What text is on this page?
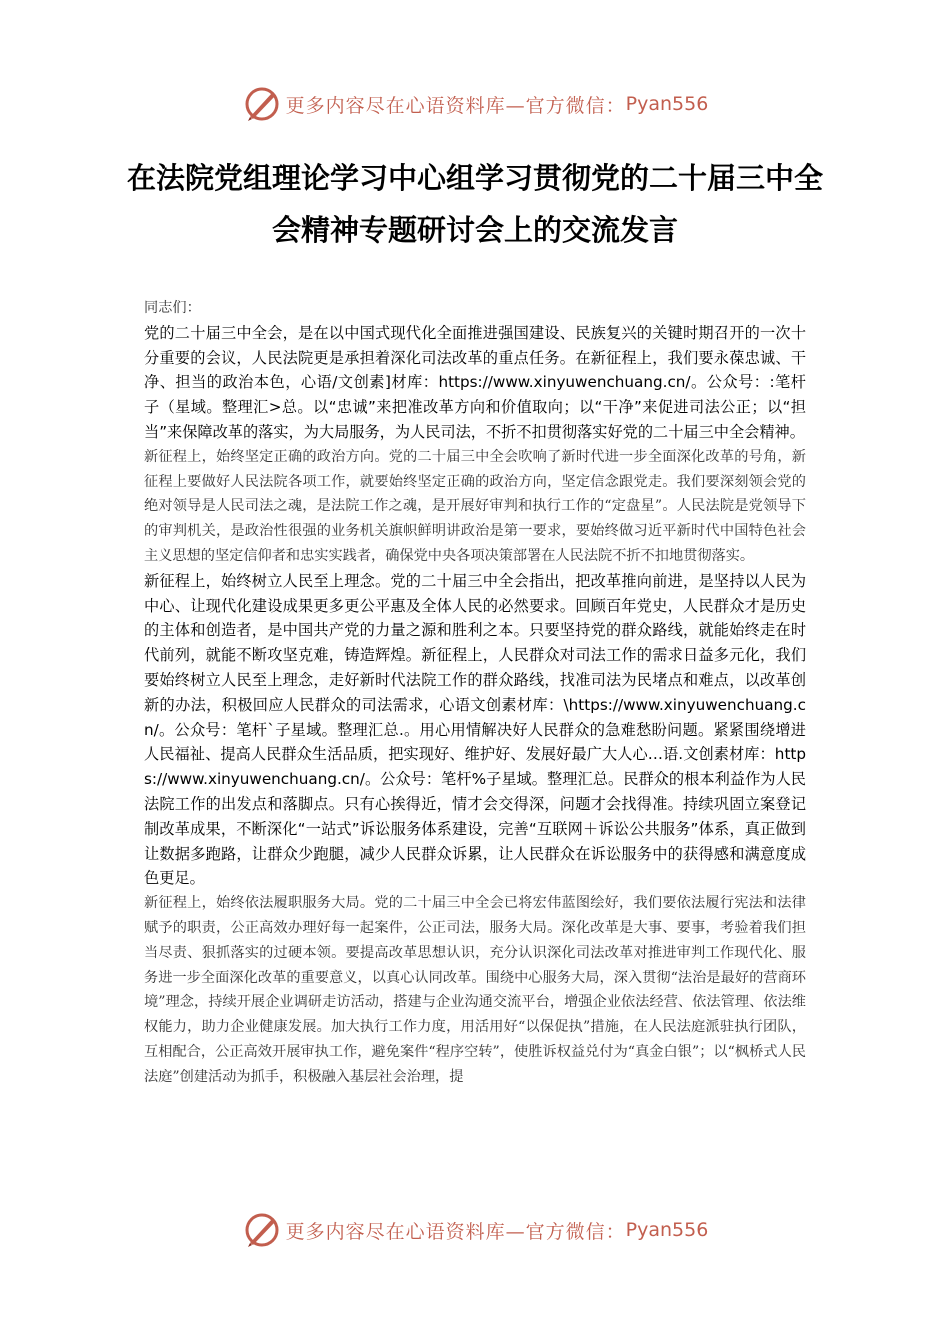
更多内容尽在心语资料库—官方微信： Pyan556
在法院党组理论学习中心组学习贯彻党的二十届三中全会精神专题研讨会上的交流发言

同志们：

党的二十届三中全会，是在以中国式现代化全面推进强国建设、民族复兴的关键时期召开的一次十分重要的会议，人民法院更是承担着深化司法改革的重点任务。在新征程上，我们要永葆忠诚、干净、担当的政治本色，心语/文创素]材库：https://www.xinyuwenchuang.cn/。公众号：:笔杆子（星域。整理汇>总。以“忠诚”来把准改革方向和价值取向；以“干净”来促进司法公正；以“担当”来保障改革的落实，为大局服务，为人民司法，不折不扣贯彻落实好党的二十届三中全会精神。

新征程上，始终坚定正确的政治方向。党的二十届三中全会吹响了新时代进一步全面深化改革的号角，新征程上要做好人民法院各项工作，就要始终坚定正确的政治方向，坚定信念跟党走。我们要深刻领会党的绝对领导是人民司法之魂，是法院工作之魂，是开展好审判和执行工作的“定盘星”。人民法院是党领导下的审判机关，是政治性很强的业务机关旗帜鲜明讲政治是第一要求，要始终做习近平新时代中国特色社会主义思想的坚定信仰者和忠实实践者，确保党中央各项决策部署在人民法院不折不扣地贯彻落实。

新征程上，始终树立人民至上理念。党的二十届三中全会指出，把改革推向前进，是坚持以人民为中心、让现代化建设成果更多更公平惠及全体人民的必然要求。回顾百年党史，人民群众才是历史的主体和创造者，是中国共产党的力量之源和胜利之本。只要坚持党的群众路线，就能始终走在时代前列，就能不断攻坚克难，铸造辉煌。新征程上，人民群众对司法工作的需求日益多元化，我们要始终树立人民至上理念，走好新时代法院工作的群众路线，找准司法为民堵点和难点，以改革创新的办法，积极回应人民群众的司法需求，心语文创素材库：\https://www.xinyuwenchuang.cn/。公众号：笔杆`子星域。整理汇总.。用心用情解决好人民群众的急难愁盼问题。紧紧围绕增进人民福祉、提高人民群众生活品质，把实现好、维护好、发展好最广大人心…语.文创素材库：https://www.xinyuwenchuang.cn/。公众号：笔杆%子星域。整理汇总。民群众的根本利益作为人民法院工作的出发点和落脚点。只有心挨得近，情才会交得深，问题才会找得准。持续巩固立案登记制改革成果，不断深化“一站式”诉讼服务体系建设，完善“互联网＋诉讼公共服务”体系，真正做到让数据多跑路，让群众少跑腿，减少人民群众诉累，让人民群众在诉讼服务中的获得感和满意度成色更足。

新征程上，始终依法履职服务大局。党的二十届三中全会已将宏伟蓝图绘好，我们要依法履行宪法和法律赋予的职责，公正高效办理好每一起案件，公正司法，服务大局。深化改革是大事、要事，考验着我们担当尽责、狠抓落实的过硬本领。要提高改革思想认识，充分认识深化司法改革对推进审判工作现代化、服务进一步全面深化改革的重要意义，以真心认同改革。围绕中心服务大局，深入贯彻“法治是最好的营商环境”理念，持续开展企业调研走访活动，搭建与企业沟通交流平台，增强企业依法经营、依法管理、依法维权能力，助力企业健康发展。加大执行工作力度，用活用好“以保促执”措施，在人民法庭派驻执行团队，互相配合，公正高效开展审执工作，避免案件“程序空转”，使胜诉权益兑付为“真金白银”；以“枫桥式人民法庭”创建活动为抓手，积极融入基层社会治理，提

更多内容尽在心语资料库—官方微信： Pyan556
